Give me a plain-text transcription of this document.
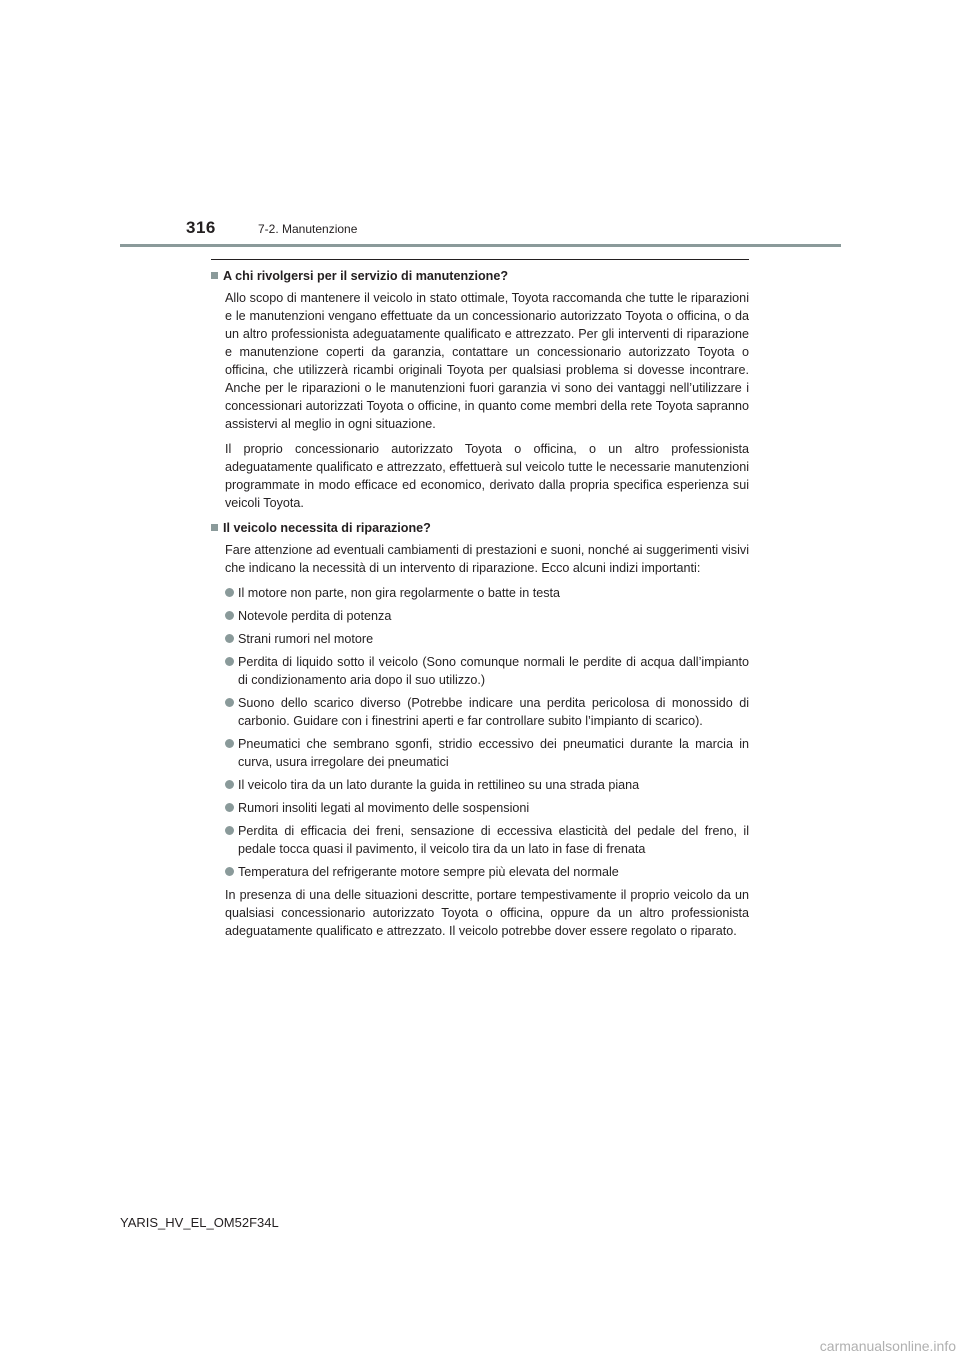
316	7-2. Manutenzione
A chi rivolgersi per il servizio di manutenzione?

Allo scopo di mantenere il veicolo in stato ottimale, Toyota raccomanda che tutte le riparazioni e le manutenzioni vengano effettuate da un concessionario autorizzato Toyota o officina, o da un altro professionista adeguatamente qualificato e attrezzato. Per gli interventi di riparazione e manutenzione coperti da garanzia, contattare un concessionario autorizzato Toyota o officina, che utilizzerà ricambi originali Toyota per qualsiasi problema si dovesse incontrare. Anche per le riparazioni o le manutenzioni fuori garanzia vi sono dei vantaggi nell’utilizzare i concessionari autorizzati Toyota o officine, in quanto come membri della rete Toyota sapranno assistervi al meglio in ogni situazione.

Il proprio concessionario autorizzato Toyota o officina, o un altro professionista adeguatamente qualificato e attrezzato, effettuerà sul veicolo tutte le necessarie manutenzioni programmate in modo efficace ed economico, derivato dalla propria specifica esperienza sui veicoli Toyota.

Il veicolo necessita di riparazione?

Fare attenzione ad eventuali cambiamenti di prestazioni e suoni, nonché ai suggerimenti visivi che indicano la necessità di un intervento di riparazione. Ecco alcuni indizi importanti:

Il motore non parte, non gira regolarmente o batte in testa
Notevole perdita di potenza
Strani rumori nel motore
Perdita di liquido sotto il veicolo (Sono comunque normali le perdite di acqua dall’impianto di condizionamento aria dopo il suo utilizzo.)
Suono dello scarico diverso (Potrebbe indicare una perdita pericolosa di monossido di carbonio. Guidare con i finestrini aperti e far controllare subito l’impianto di scarico).
Pneumatici che sembrano sgonfi, stridio eccessivo dei pneumatici durante la marcia in curva, usura irregolare dei pneumatici
Il veicolo tira da un lato durante la guida in rettilineo su una strada piana
Rumori insoliti legati al movimento delle sospensioni
Perdita di efficacia dei freni, sensazione di eccessiva elasticità del pedale del freno, il pedale tocca quasi il pavimento, il veicolo tira da un lato in fase di frenata
Temperatura del refrigerante motore sempre più elevata del normale

In presenza di una delle situazioni descritte, portare tempestivamente il proprio veicolo da un qualsiasi concessionario autorizzato Toyota o officina, oppure da un altro professionista adeguatamente qualificato e attrezzato. Il veicolo potrebbe dover essere regolato o riparato.

YARIS_HV_EL_OM52F34L
carmanualsonline.info
